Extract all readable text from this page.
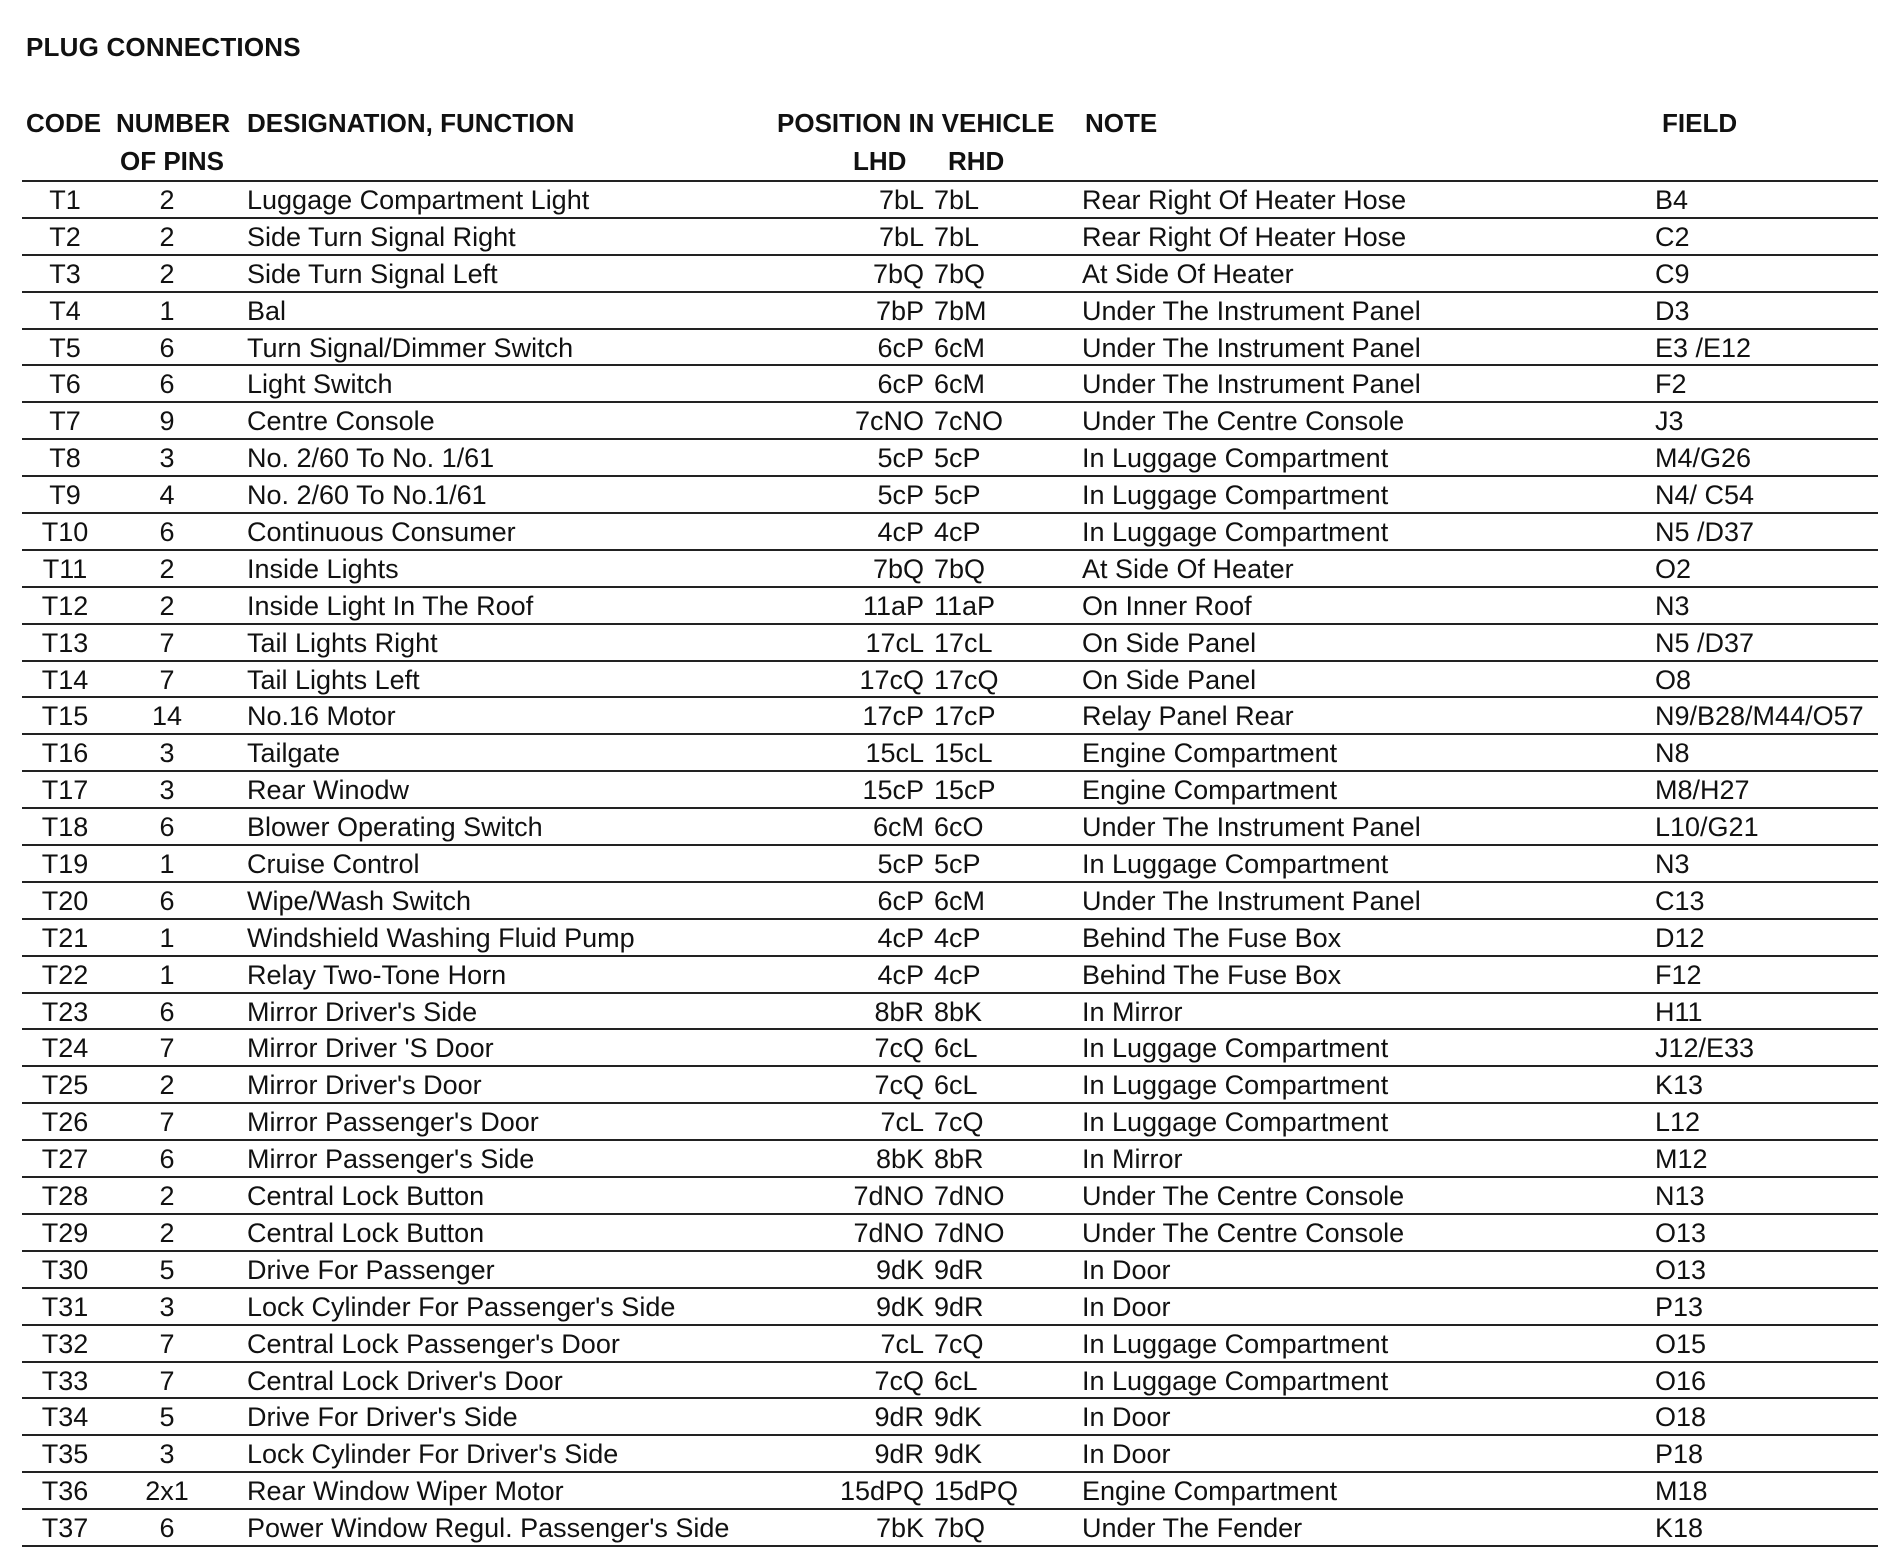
PLUG CONNECTIONS
CODE NUMBER
OF PINS
DESIGNATION, FUNCTION	POSITION IN VEHICLE
LHD RHD
NOTE	FIELD
T1	2	Luggage Compartment Light	7bL 7bL	Rear Right Of Heater Hose	B4
T2	2	Side Turn Signal Right	7bL 7bL	Rear Right Of Heater Hose	C2
T3	2	Side Turn Signal Left	7bQ 7bQ	At Side Of Heater	C9
T4	1	Bal	7bP 7bM	Under The Instrument Panel	D3
T5	6	Turn Signal/Dimmer Switch	6cP 6cM	Under The Instrument Panel	E3 /E12
T6	6	Light Switch	6cP 6cM	Under The Instrument Panel	F2
T7	9	Centre Console	7cNO 7cNO	Under The Centre Console	J3
T8	3	No. 2/60 To No. 1/61	5cP 5cP	In Luggage Compartment	M4/G26
T9	4	No. 2/60 To No.1/61	5cP 5cP	In Luggage Compartment	N4/ C54
T10	6	Continuous Consumer	4cP 4cP	In Luggage Compartment	N5 /D37
T11	2	Inside Lights	7bQ 7bQ	At Side Of Heater	O2
T12	2	Inside Light In The Roof	11aP 11aP	On Inner Roof	N3
T13	7	Tail Lights Right	17cL 17cL	On Side Panel	N5 /D37
T14	7	Tail Lights Left	17cQ 17cQ	On Side Panel	O8
T15	14	No.16 Motor	17cP 17cP	Relay Panel Rear	N9/B28/M44/O57
T16	3	Tailgate	15cL 15cL	Engine Compartment	N8
T17	3	Rear Winodw	15cP 15cP	Engine Compartment	M8/H27
T18	6	Blower Operating Switch	6cM 6cO	Under The Instrument Panel	L10/G21
T19	1	Cruise Control	5cP 5cP	In Luggage Compartment	N3
T20	6	Wipe/Wash Switch	6cP 6cM	Under The Instrument Panel	C13
T21	1	Windshield Washing Fluid Pump	4cP 4cP	Behind The Fuse Box	D12
T22	1	Relay Two-Tone Horn	4cP 4cP	Behind The Fuse Box	F12
T23	6	Mirror Driver's Side	8bR 8bK	In Mirror	H11
T24	7	Mirror Driver 'S Door	7cQ 6cL	In Luggage Compartment	J12/E33
T25	2	Mirror Driver's Door	7cQ 6cL	In Luggage Compartment	K13
T26	7	Mirror Passenger's Door	7cL 7cQ	In Luggage Compartment	L12
T27	6	Mirror Passenger's Side	8bK 8bR	In Mirror	M12
T28	2	Central Lock Button	7dNO 7dNO	Under The Centre Console	N13
T29	2	Central Lock Button	7dNO 7dNO	Under The Centre Console	O13
T30	5	Drive For Passenger	9dK 9dR	In Door	O13
T31	3	Lock Cylinder For Passenger's Side	9dK 9dR	In Door	P13
T32	7	Central Lock Passenger's Door	7cL 7cQ	In Luggage Compartment	O15
T33	7	Central Lock Driver's Door	7cQ 6cL	In Luggage Compartment	O16
T34	5	Drive For Driver's Side	9dR 9dK	In Door	O18
T35	3	Lock Cylinder For Driver's Side	9dR 9dK	In Door	P18
T36	2x1	Rear Window Wiper Motor	15dPQ 15dPQ	Engine Compartment	M18
T37	6	Power Window Regul. Passenger's Side	7bK 7bQ	Under The Fender	K18
